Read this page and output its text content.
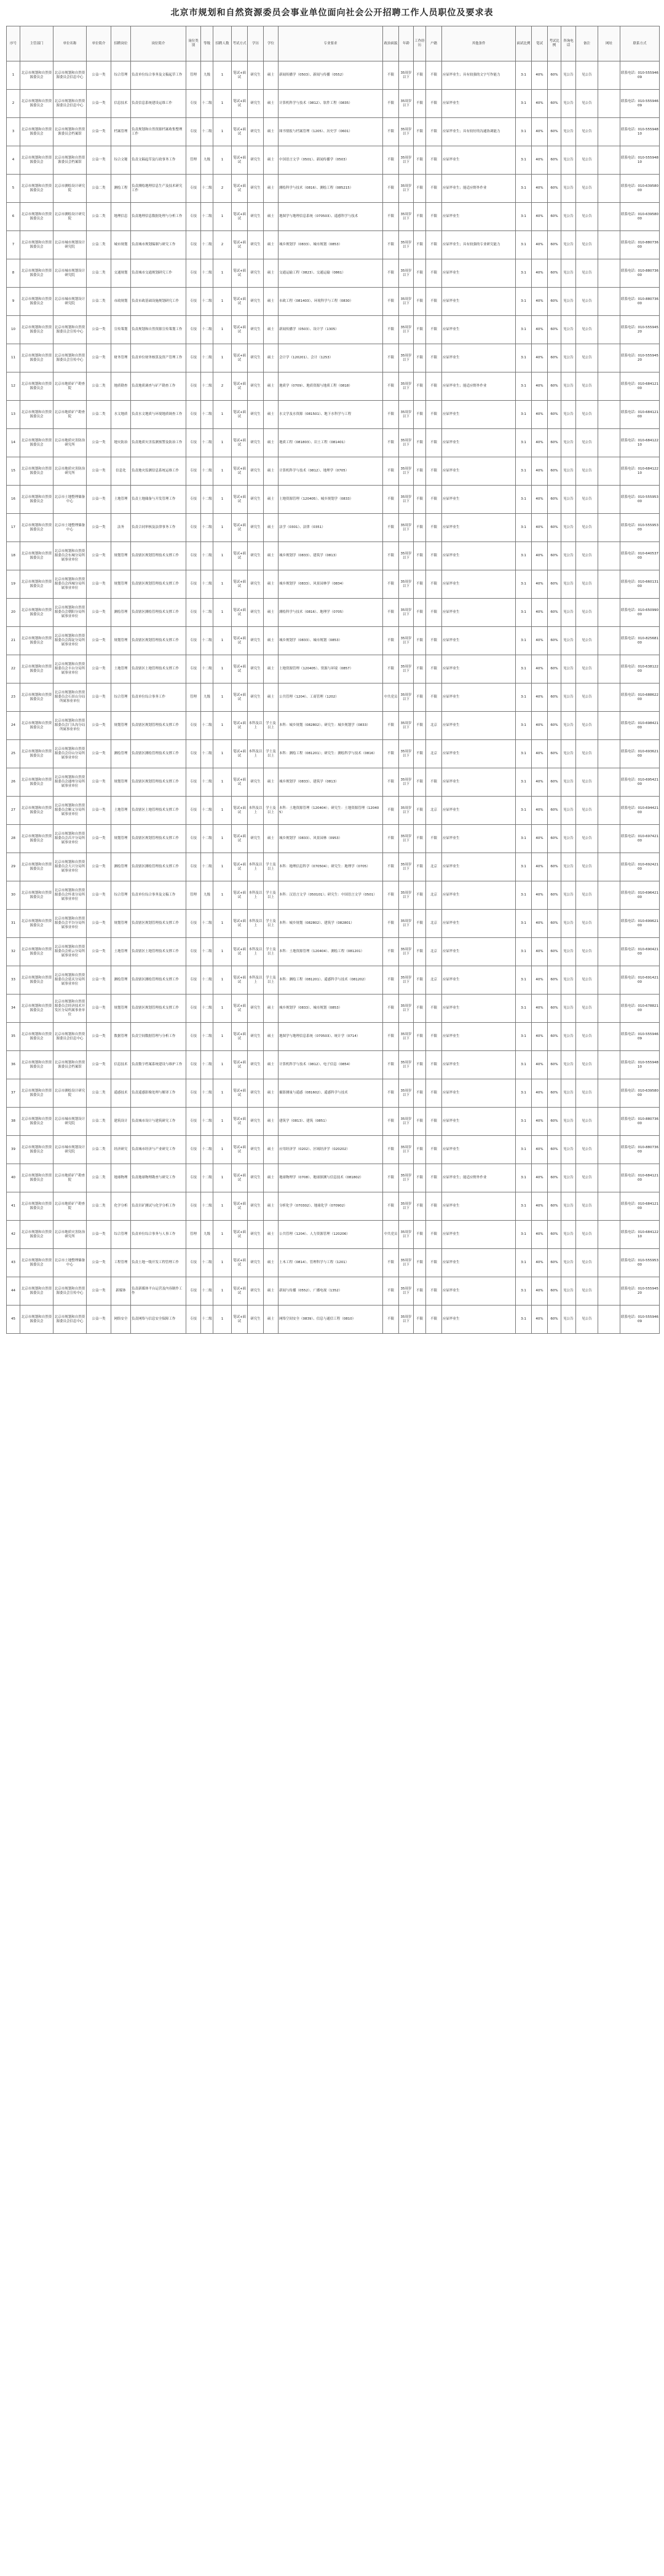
北京市规划和自然资源委员会事业单位面向社会公开招聘工作人员职位及要求表
序号	主管部门	单位名称	单位简介	招聘岗位	岗位简介	岗位类别	等级	招聘人数	考试方式	学历	学位	专业要求	政治面貌	年龄	工作经历	户籍	其他条件	面试比例	笔试	考试比例	咨询电话	备注	网址	联系方式
1	北京市规划和自然资源委员会	北京市规划和自然资源委员会信息中心	公益一类	综合管理	负责单位综合事务及文稿起草工作	管理	九级	1	笔试+面试	研究生	硕士	新闻传播学（0503）、新闻与传播（0552）	不限	35周岁以下	不限	不限	应届毕业生；具有较强的文字写作能力	3:1	40%	60%	见公告	见公告		联系电话：010-55594609
2	北京市规划和自然资源委员会	北京市规划和自然资源委员会信息中心	公益一类	信息技术	负责信息系统建设运维工作	专技	十二级	1	笔试+面试	研究生	硕士	计算机科学与技术（0812）、软件工程（0835）	不限	35周岁以下	不限	不限	应届毕业生	3:1	40%	60%	见公告	见公告		联系电话：010-55594609
3	北京市规划和自然资源委员会	北京市规划和自然资源委员会档案馆	公益一类	档案管理	负责规划和自然资源档案收集整理工作	专技	十二级	1	笔试+面试	研究生	硕士	图书情报与档案管理（1205）、历史学（0601）	不限	35周岁以下	不限	不限	应届毕业生；具有较好的沟通协调能力	3:1	40%	60%	见公告	见公告		联系电话：010-55594810
4	北京市规划和自然资源委员会	北京市规划和自然资源委员会档案馆	公益一类	综合文秘	负责文稿起草及行政事务工作	管理	九级	1	笔试+面试	研究生	硕士	中国语言文学（0501）、新闻传播学（0503）	不限	35周岁以下	不限	不限	应届毕业生	3:1	40%	60%	见公告	见公告		联系电话：010-55594810
5	北京市规划和自然资源委员会	北京市测绘设计研究院	公益二类	测绘工程	负责测绘地理信息生产及技术研究工作	专技	十二级	2	笔试+面试	研究生	硕士	测绘科学与技术（0816）、测绘工程（085215）	不限	35周岁以下	不限	不限	应届毕业生；能适应野外作业	3:1	40%	60%	见公告	见公告		联系电话：010-63958000
6	北京市规划和自然资源委员会	北京市测绘设计研究院	公益二类	地理信息	负责地理信息数据处理与分析工作	专技	十二级	1	笔试+面试	研究生	硕士	地图学与地理信息系统（070503）、遥感科学与技术	不限	35周岁以下	不限	不限	应届毕业生	3:1	40%	60%	见公告	见公告		联系电话：010-63958000
7	北京市规划和自然资源委员会	北京市城市规划设计研究院	公益二类	城市规划	负责城市规划编制与研究工作	专技	十二级	2	笔试+面试	研究生	硕士	城乡规划学（0833）、城市规划（0853）	不限	35周岁以下	不限	不限	应届毕业生；具有较强的专业研究能力	3:1	40%	60%	见公告	见公告		联系电话：010-88073600
8	北京市规划和自然资源委员会	北京市城市规划设计研究院	公益二类	交通规划	负责城市交通规划研究工作	专技	十二级	1	笔试+面试	研究生	硕士	交通运输工程（0823）、交通运输（0861）	不限	35周岁以下	不限	不限	应届毕业生	3:1	40%	60%	见公告	见公告		联系电话：010-88073600
9	北京市规划和自然资源委员会	北京市城市规划设计研究院	公益二类	市政规划	负责市政基础设施规划研究工作	专技	十二级	1	笔试+面试	研究生	硕士	市政工程（081403）、环境科学与工程（0830）	不限	35周岁以下	不限	不限	应届毕业生	3:1	40%	60%	见公告	见公告		联系电话：010-88073600
10	北京市规划和自然资源委员会	北京市规划和自然资源委员会宣传中心	公益一类	宣传策划	负责规划和自然资源宣传策划工作	专技	十二级	1	笔试+面试	研究生	硕士	新闻传播学（0503）、设计学（1305）	不限	35周岁以下	不限	不限	应届毕业生	3:1	40%	60%	见公告	见公告		联系电话：010-55594520
11	北京市规划和自然资源委员会	北京市规划和自然资源委员会宣传中心	公益一类	财务管理	负责单位财务核算及资产管理工作	专技	十二级	1	笔试+面试	研究生	硕士	会计学（120201）、会计（1253）	不限	35周岁以下	不限	不限	应届毕业生	3:1	40%	60%	见公告	见公告		联系电话：010-55594520
12	北京市规划和自然资源委员会	北京市地质矿产勘查院	公益二类	地质勘查	负责地质调查与矿产勘查工作	专技	十二级	2	笔试+面试	研究生	硕士	地质学（0709）、地质资源与地质工程（0818）	不限	35周岁以下	不限	不限	应届毕业生；能适应野外作业	3:1	40%	60%	见公告	见公告		联系电话：010-68412100
13	北京市规划和自然资源委员会	北京市地质矿产勘查院	公益二类	水文地质	负责水文地质与环境地质调查工作	专技	十二级	1	笔试+面试	研究生	硕士	水文学及水资源（081501）、地下水科学与工程	不限	35周岁以下	不限	不限	应届毕业生	3:1	40%	60%	见公告	见公告		联系电话：010-68412100
14	北京市规划和自然资源委员会	北京市地质灾害防治研究所	公益一类	地灾防治	负责地质灾害监测预警及防治工作	专技	十二级	1	笔试+面试	研究生	硕士	地质工程（081803）、岩土工程（081401）	不限	35周岁以下	不限	不限	应届毕业生	3:1	40%	60%	见公告	见公告		联系电话：010-68412210
15	北京市规划和自然资源委员会	北京市地质灾害防治研究所	公益一类	信息化	负责地灾监测信息系统运维工作	专技	十二级	1	笔试+面试	研究生	硕士	计算机科学与技术（0812）、地理学（0705）	不限	35周岁以下	不限	不限	应届毕业生	3:1	40%	60%	见公告	见公告		联系电话：010-68412210
16	北京市规划和自然资源委员会	北京市土地整理储备中心	公益一类	土地管理	负责土地储备与开发管理工作	专技	十二级	1	笔试+面试	研究生	硕士	土地资源管理（120405）、城乡规划学（0833）	不限	35周岁以下	不限	不限	应届毕业生	3:1	40%	60%	见公告	见公告		联系电话：010-55595300
17	北京市规划和自然资源委员会	北京市土地整理储备中心	公益一类	法务	负责合同审核及法律事务工作	专技	十二级	1	笔试+面试	研究生	硕士	法学（0301）、法律（0351）	不限	35周岁以下	不限	不限	应届毕业生	3:1	40%	60%	见公告	见公告		联系电话：010-55595300
18	北京市规划和自然资源委员会	北京市规划和自然资源委员会东城分局所属事业单位	公益一类	规划管理	负责辖区规划管理技术支撑工作	专技	十二级	1	笔试+面试	研究生	硕士	城乡规划学（0833）、建筑学（0813）	不限	35周岁以下	不限	不限	应届毕业生	3:1	40%	60%	见公告	见公告		联系电话：010-64053700
19	北京市规划和自然资源委员会	北京市规划和自然资源委员会西城分局所属事业单位	公益一类	规划管理	负责辖区规划管理技术支撑工作	专技	十二级	1	笔试+面试	研究生	硕士	城乡规划学（0833）、风景园林学（0834）	不限	35周岁以下	不限	不限	应届毕业生	3:1	40%	60%	见公告	见公告		联系电话：010-66013100
20	北京市规划和自然资源委员会	北京市规划和自然资源委员会朝阳分局所属事业单位	公益一类	测绘管理	负责辖区测绘管理技术支撑工作	专技	十二级	1	笔试+面试	研究生	硕士	测绘科学与技术（0816）、地理学（0705）	不限	35周岁以下	不限	不限	应届毕业生	3:1	40%	60%	见公告	见公告		联系电话：010-65099000
21	北京市规划和自然资源委员会	北京市规划和自然资源委员会海淀分局所属事业单位	公益一类	规划管理	负责辖区规划管理技术支撑工作	专技	十二级	1	笔试+面试	研究生	硕士	城乡规划学（0833）、城市规划（0853）	不限	35周岁以下	不限	不限	应届毕业生	3:1	40%	60%	见公告	见公告		联系电话：010-82568100
22	北京市规划和自然资源委员会	北京市规划和自然资源委员会丰台分局所属事业单位	公益一类	土地管理	负责辖区土地管理技术支撑工作	专技	十二级	1	笔试+面试	研究生	硕士	土地资源管理（120405）、资源与环境（0857）	不限	35周岁以下	不限	不限	应届毕业生	3:1	40%	60%	见公告	见公告		联系电话：010-63812200
23	北京市规划和自然资源委员会	北京市规划和自然资源委员会石景山分局所属事业单位	公益一类	综合管理	负责单位综合事务工作	管理	九级	1	笔试+面试	研究生	硕士	公共管理（1204）、工商管理（1202）	中共党员	35周岁以下	不限	不限	应届毕业生	3:1	40%	60%	见公告	见公告		联系电话：010-68862200
24	北京市规划和自然资源委员会	北京市规划和自然资源委员会门头沟分局所属事业单位	公益一类	规划管理	负责辖区规划管理技术支撑工作	专技	十二级	1	笔试+面试	本科及以上	学士及以上	本科：城乡规划（082802）；研究生：城乡规划学（0833）	不限	35周岁以下	不限	北京	应届毕业生	3:1	40%	60%	见公告	见公告		联系电话：010-69842100
25	北京市规划和自然资源委员会	北京市规划和自然资源委员会房山分局所属事业单位	公益一类	测绘管理	负责辖区测绘管理技术支撑工作	专技	十二级	1	笔试+面试	本科及以上	学士及以上	本科：测绘工程（081201）；研究生：测绘科学与技术（0816）	不限	35周岁以下	不限	北京	应届毕业生	3:1	40%	60%	见公告	见公告		联系电话：010-69362100
26	北京市规划和自然资源委员会	北京市规划和自然资源委员会通州分局所属事业单位	公益一类	规划管理	负责辖区规划管理技术支撑工作	专技	十二级	1	笔试+面试	研究生	硕士	城乡规划学（0833）、建筑学（0813）	不限	35周岁以下	不限	不限	应届毕业生	3:1	40%	60%	见公告	见公告		联系电话：010-69542100
27	北京市规划和自然资源委员会	北京市规划和自然资源委员会顺义分局所属事业单位	公益一类	土地管理	负责辖区土地管理技术支撑工作	专技	十二级	1	笔试+面试	本科及以上	学士及以上	本科：土地资源管理（120404）；研究生：土地资源管理（120405）	不限	35周岁以下	不限	北京	应届毕业生	3:1	40%	60%	见公告	见公告		联系电话：010-69442100
28	北京市规划和自然资源委员会	北京市规划和自然资源委员会昌平分局所属事业单位	公益一类	规划管理	负责辖区规划管理技术支撑工作	专技	十二级	1	笔试+面试	研究生	硕士	城乡规划学（0833）、风景园林（0953）	不限	35周岁以下	不限	不限	应届毕业生	3:1	40%	60%	见公告	见公告		联系电话：010-69742100
29	北京市规划和自然资源委员会	北京市规划和自然资源委员会大兴分局所属事业单位	公益一类	测绘管理	负责辖区测绘管理技术支撑工作	专技	十二级	1	笔试+面试	本科及以上	学士及以上	本科：地理信息科学（070504）；研究生：地理学（0705）	不限	35周岁以下	不限	北京	应届毕业生	3:1	40%	60%	见公告	见公告		联系电话：010-69242100
30	北京市规划和自然资源委员会	北京市规划和自然资源委员会怀柔分局所属事业单位	公益一类	综合管理	负责单位综合事务及文稿工作	管理	九级	1	笔试+面试	本科及以上	学士及以上	本科：汉语言文学（050101）；研究生：中国语言文学（0501）	不限	35周岁以下	不限	北京	应届毕业生	3:1	40%	60%	见公告	见公告		联系电话：010-69642100
31	北京市规划和自然资源委员会	北京市规划和自然资源委员会平谷分局所属事业单位	公益一类	规划管理	负责辖区规划管理技术支撑工作	专技	十二级	1	笔试+面试	本科及以上	学士及以上	本科：城乡规划（082802）、建筑学（082801）	不限	35周岁以下	不限	北京	应届毕业生	3:1	40%	60%	见公告	见公告		联系电话：010-69962100
32	北京市规划和自然资源委员会	北京市规划和自然资源委员会密云分局所属事业单位	公益一类	土地管理	负责辖区土地管理技术支撑工作	专技	十二级	1	笔试+面试	本科及以上	学士及以上	本科：土地资源管理（120404）、测绘工程（081201）	不限	35周岁以下	不限	北京	应届毕业生	3:1	40%	60%	见公告	见公告		联系电话：010-69042100
33	北京市规划和自然资源委员会	北京市规划和自然资源委员会延庆分局所属事业单位	公益一类	测绘管理	负责辖区测绘管理技术支撑工作	专技	十二级	1	笔试+面试	本科及以上	学士及以上	本科：测绘工程（081201）、遥感科学与技术（081202）	不限	35周岁以下	不限	北京	应届毕业生	3:1	40%	60%	见公告	见公告		联系电话：010-69142100
34	北京市规划和自然资源委员会	北京市规划和自然资源委员会经济技术开发区分局所属事业单位	公益一类	规划管理	负责辖区规划管理技术支撑工作	专技	十二级	1	笔试+面试	研究生	硕士	城乡规划学（0833）、城市规划（0853）	不限	35周岁以下	不限	不限	应届毕业生	3:1	40%	60%	见公告	见公告		联系电话：010-67882100
35	北京市规划和自然资源委员会	北京市规划和自然资源委员会信息中心	公益一类	数据管理	负责空间数据管理与分析工作	专技	十二级	1	笔试+面试	研究生	硕士	地图学与地理信息系统（070503）、统计学（0714）	不限	35周岁以下	不限	不限	应届毕业生	3:1	40%	60%	见公告	见公告		联系电话：010-55594609
36	北京市规划和自然资源委员会	北京市规划和自然资源委员会档案馆	公益一类	信息技术	负责数字档案系统建设与维护工作	专技	十二级	1	笔试+面试	研究生	硕士	计算机科学与技术（0812）、电子信息（0854）	不限	35周岁以下	不限	不限	应届毕业生	3:1	40%	60%	见公告	见公告		联系电话：010-55594810
37	北京市规划和自然资源委员会	北京市测绘设计研究院	公益二类	遥感技术	负责遥感影像处理与解译工作	专技	十二级	1	笔试+面试	研究生	硕士	摄影测量与遥感（081602）、遥感科学与技术	不限	35周岁以下	不限	不限	应届毕业生	3:1	40%	60%	见公告	见公告		联系电话：010-63958000
38	北京市规划和自然资源委员会	北京市城市规划设计研究院	公益二类	建筑设计	负责城市设计与建筑研究工作	专技	十二级	1	笔试+面试	研究生	硕士	建筑学（0813）、建筑（0851）	不限	35周岁以下	不限	不限	应届毕业生	3:1	40%	60%	见公告	见公告		联系电话：010-88073600
39	北京市规划和自然资源委员会	北京市城市规划设计研究院	公益二类	经济研究	负责城市经济与产业研究工作	专技	十二级	1	笔试+面试	研究生	硕士	应用经济学（0202）、区域经济学（020202）	不限	35周岁以下	不限	不限	应届毕业生	3:1	40%	60%	见公告	见公告		联系电话：010-88073600
40	北京市规划和自然资源委员会	北京市地质矿产勘查院	公益二类	地球物理	负责地球物理勘查与研究工作	专技	十二级	1	笔试+面试	研究生	硕士	地球物理学（0708）、地球探测与信息技术（081802）	不限	35周岁以下	不限	不限	应届毕业生；能适应野外作业	3:1	40%	60%	见公告	见公告		联系电话：010-68412100
41	北京市规划和自然资源委员会	北京市地质矿产勘查院	公益二类	化学分析	负责岩矿测试与化学分析工作	专技	十二级	1	笔试+面试	研究生	硕士	分析化学（070302）、地球化学（070902）	不限	35周岁以下	不限	不限	应届毕业生	3:1	40%	60%	见公告	见公告		联系电话：010-68412100
42	北京市规划和自然资源委员会	北京市地质灾害防治研究所	公益一类	综合管理	负责单位综合事务与人事工作	管理	九级	1	笔试+面试	研究生	硕士	公共管理（1204）、人力资源管理（120206）	中共党员	35周岁以下	不限	不限	应届毕业生	3:1	40%	60%	见公告	见公告		联系电话：010-68412210
43	北京市规划和自然资源委员会	北京市土地整理储备中心	公益一类	工程管理	负责土地一级开发工程管理工作	专技	十二级	1	笔试+面试	研究生	硕士	土木工程（0814）、管理科学与工程（1201）	不限	35周岁以下	不限	不限	应届毕业生	3:1	40%	60%	见公告	见公告		联系电话：010-55595300
44	北京市规划和自然资源委员会	北京市规划和自然资源委员会宣传中心	公益一类	新媒体	负责新媒体平台运营及内容制作工作	专技	十二级	1	笔试+面试	研究生	硕士	新闻与传播（0552）、广播电视（1352）	不限	35周岁以下	不限	不限	应届毕业生	3:1	40%	60%	见公告	见公告		联系电话：010-55594520
45	北京市规划和自然资源委员会	北京市规划和自然资源委员会信息中心	公益一类	网络安全	负责网络与信息安全保障工作	专技	十二级	1	笔试+面试	研究生	硕士	网络空间安全（0839）、信息与通信工程（0810）	不限	35周岁以下	不限	不限	应届毕业生	3:1	40%	60%	见公告	见公告		联系电话：010-55594609
